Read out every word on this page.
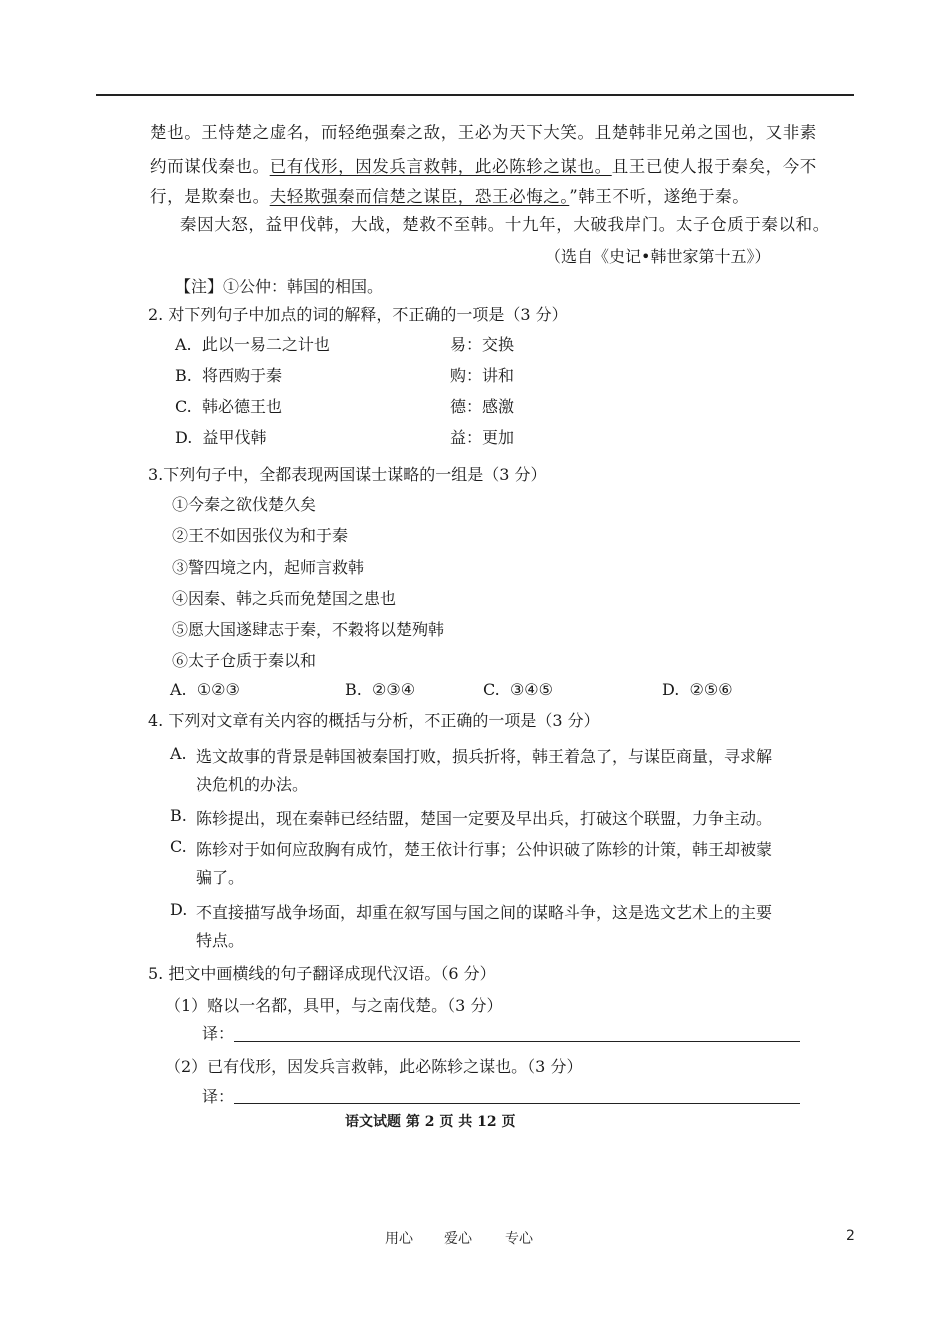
楚也。王恃楚之虚名，而轻绝强秦之敌，王必为天下大笑。且楚韩非兄弟之国也，又非素
约而谋伐秦也。已有伐形，因发兵言救韩，此必陈轸之谋也。且王已使人报于秦矣，今不
行，是欺秦也。夫轻欺强秦而信楚之谋臣，恐王必悔之。”韩王不听，遂绝于秦。
秦因大怒，益甲伐韩，大战，楚救不至韩。十九年，大破我岸门。太子仓质于秦以和。
（选自《史记•韩世家第十五》）
【注】①公仲：韩国的相国。
2. 对下列句子中加点的词的解释，不正确的一项是（3 分）
A. 此以一易二之计也	易：交换
B. 将西购于秦	购：讲和
C. 韩必德王也	德：感激
D. 益甲伐韩	益：更加
3.下列句子中，全都表现两国谋士谋略的一组是（3 分）
①今秦之欲伐楚久矣
②王不如因张仪为和于秦
③警四境之内，起师言救韩
④因秦、韩之兵而免楚国之患也
⑤愿大国遂肆志于秦，不穀将以楚殉韩
⑥太子仓质于秦以和
A. ①②③	B. ②③④	C. ③④⑤	D. ②⑤⑥
4. 下列对文章有关内容的概括与分析，不正确的一项是（3 分）
A. 选文故事的背景是韩国被秦国打败，损兵折将，韩王着急了，与谋臣商量，寻求解
决危机的办法。
B. 陈轸提出，现在秦韩已经结盟，楚国一定要及早出兵，打破这个联盟，力争主动。
C. 陈轸对于如何应敌胸有成竹，楚王依计行事；公仲识破了陈轸的计策，韩王却被蒙
骗了。
D. 不直接描写战争场面，却重在叙写国与国之间的谋略斗争，这是选文艺术上的主要
特点。
5. 把文中画横线的句子翻译成现代汉语。（6 分）
（1）赂以一名都，具甲，与之南伐楚。（3 分）
译：
（2）已有伐形，因发兵言救韩，此必陈轸之谋也。（3 分）
译：
语文试题 第 2 页 共 12 页
用心 爱心 专心	2
